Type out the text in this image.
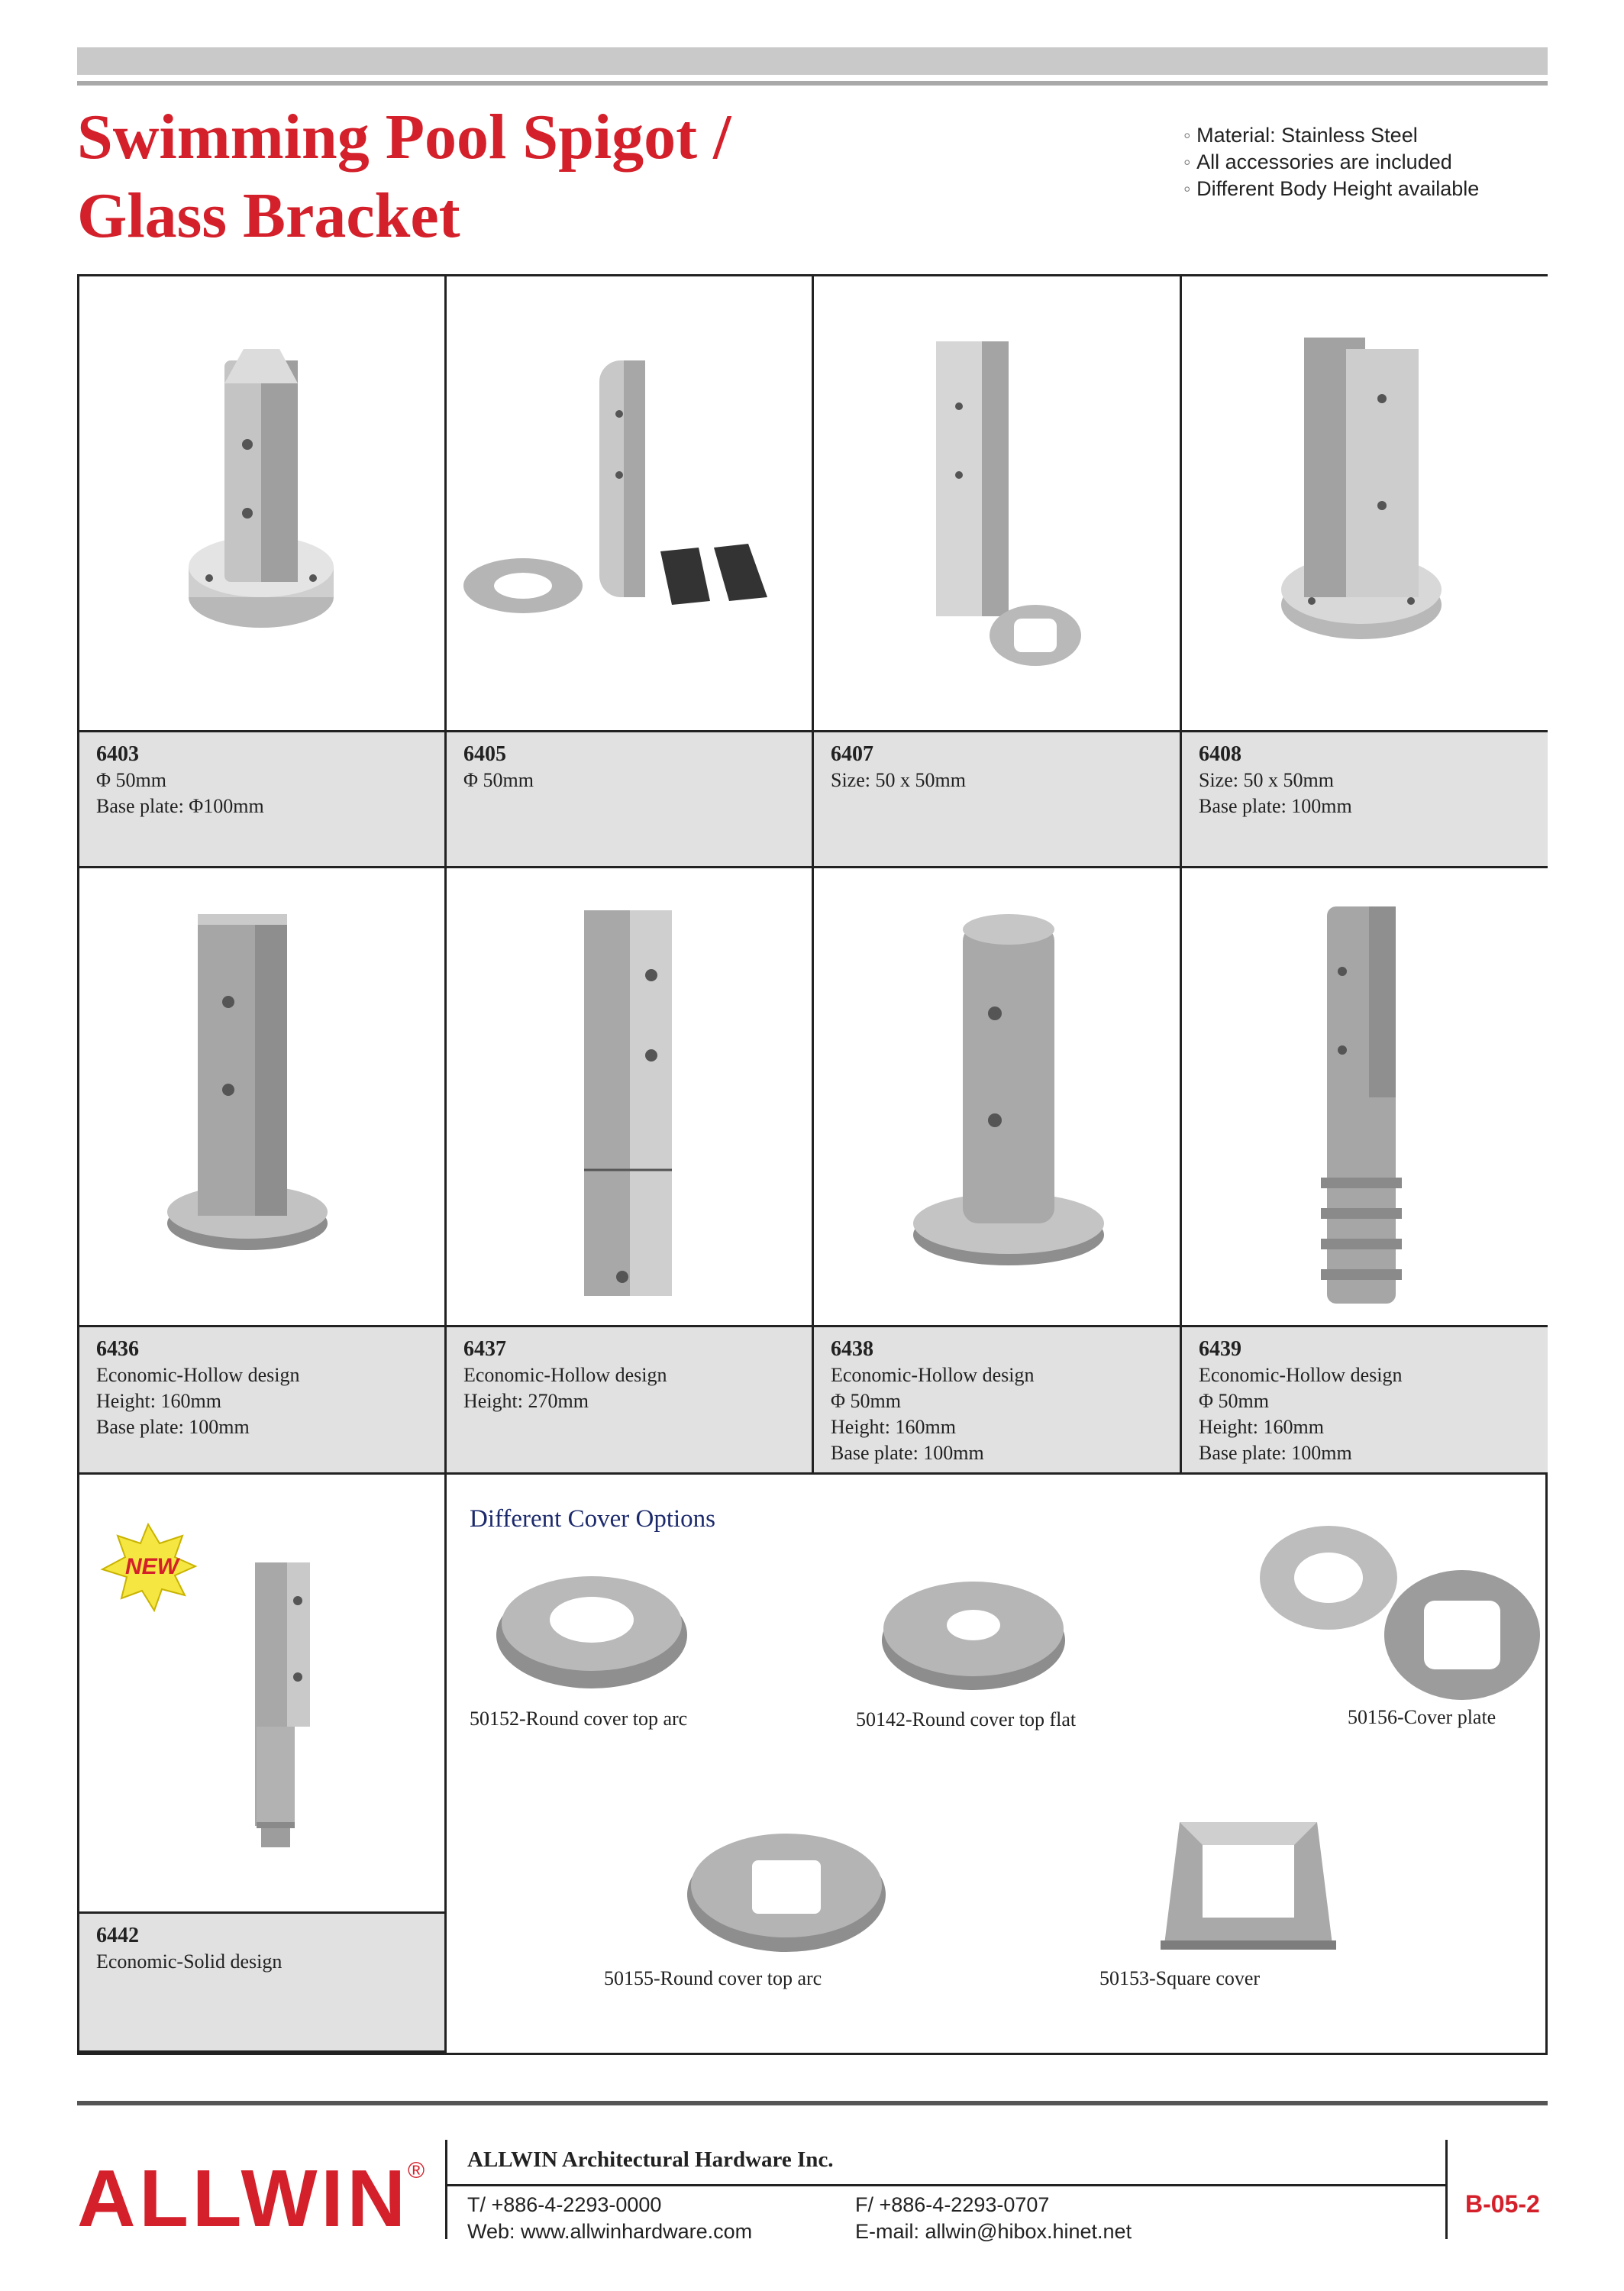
Swimming Pool Spigot /
Glass Bracket
◦ Material: Stainless Steel
◦ All accessories are included
◦ Different Body Height available
6403
Φ 50mm
Base plate: Φ100mm
6405
Φ 50mm
6407
Size: 50 x 50mm
6408
Size: 50 x 50mm
Base plate: 100mm
6436
Economic-Hollow design
Height: 160mm
Base plate: 100mm
6437
Economic-Hollow design
Height: 270mm
6438
Economic-Hollow design
Φ 50mm
Height: 160mm
Base plate: 100mm
6439
Economic-Hollow design
Φ 50mm
Height: 160mm
Base plate: 100mm
NEW
6442
Economic-Solid design
Different Cover Options
50152-Round cover top arc	50142-Round cover top flat	50156-Cover plate
50155-Round cover top arc	50153-Square cover
ALLWIN ® ALLWIN Architectural Hardware Inc.
T/ +886-4-2293-0000
Web: www.allwinhardware.com
F/ +886-4-2293-0707
E-mail: allwin@hibox.hinet.net
B-05-2
